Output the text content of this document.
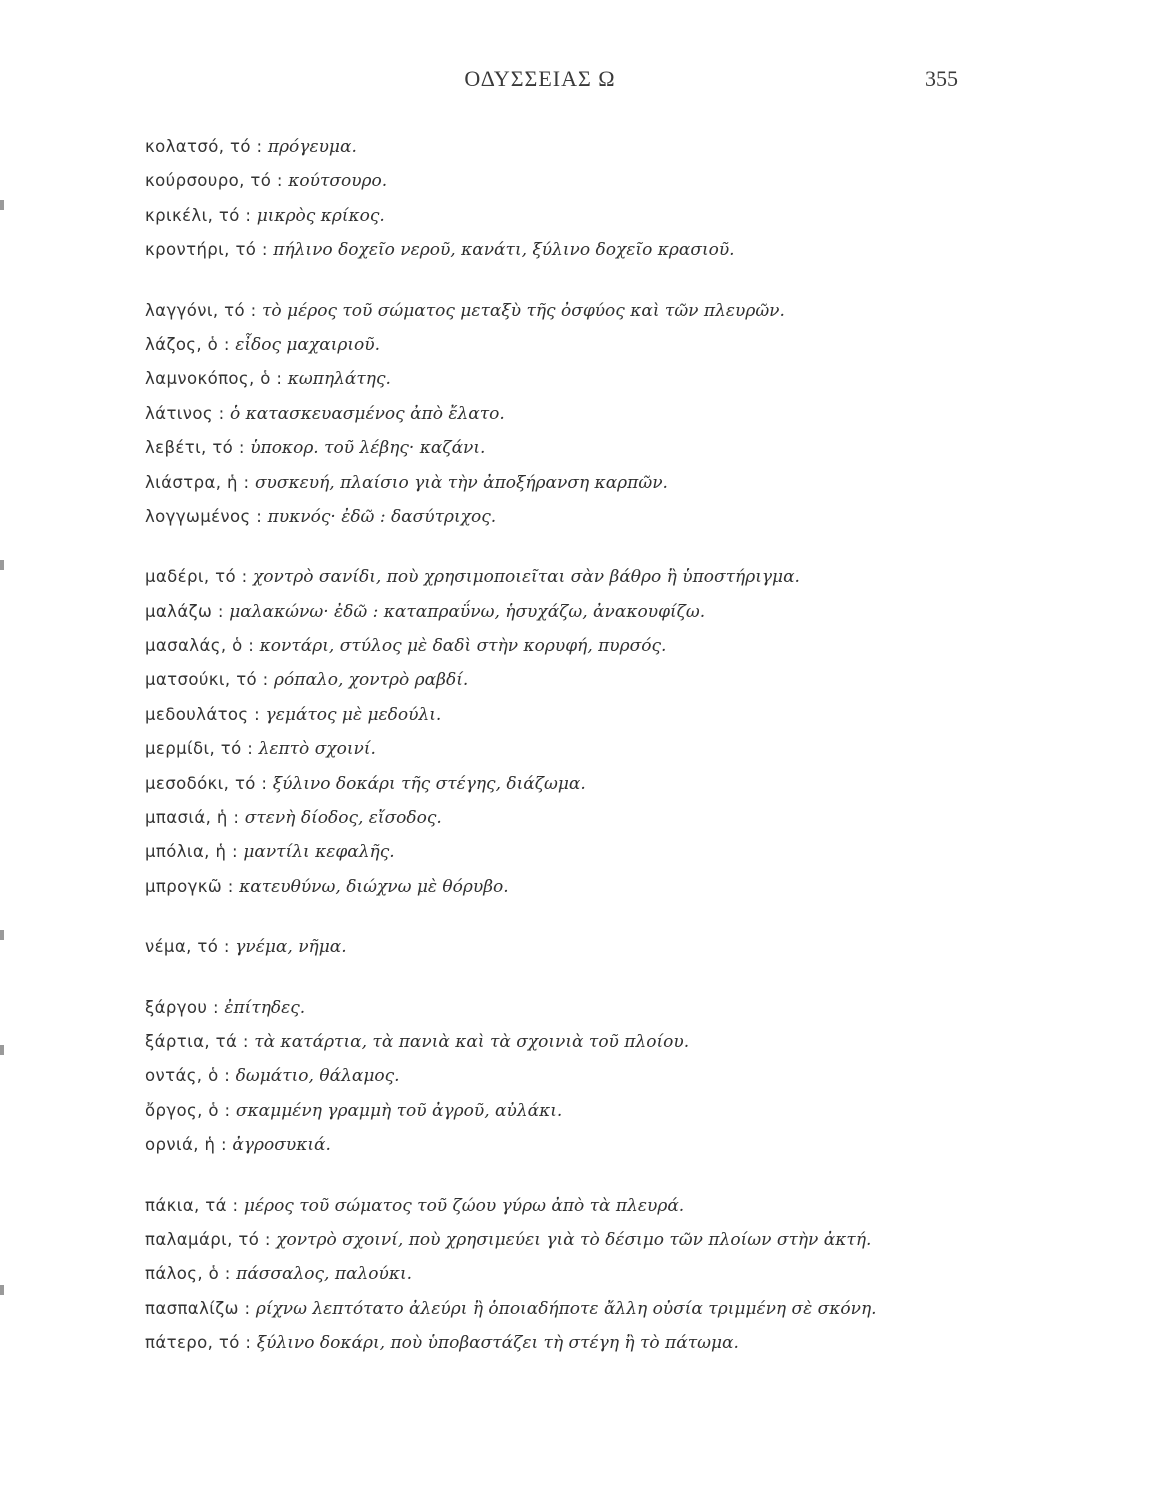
ΟΔΥΣΣΕΙΑΣ Ω	355
κολατσό, τό : πρόγευμα.
κούρσουρο, τό : κούτσουρο.
κρικέλι, τό : μικρὸς κρίκος.
κροντήρι, τό : πήλινο δοχεῖο νεροῦ, κανάτι, ξύλινο δοχεῖο κρασιοῦ.
λαγγόνι, τό : τὸ μέρος τοῦ σώματος μεταξὺ τῆς ὀσφύος καὶ τῶν πλευρῶν.
λάζος, ὁ : εἶδος μαχαιριοῦ.
λαμνοκόπος, ὁ : κωπηλάτης.
λάτινος : ὁ κατασκευασμένος ἀπὸ ἔλατο.
λεβέτι, τό : ὑποκορ. τοῦ λέβης· καζάνι.
λιάστρα, ἡ : συσκευή, πλαίσιο γιὰ τὴν ἀποξήρανση καρπῶν.
λογγωμένος : πυκνός· ἐδῶ : δασύτριχος.
μαδέρι, τό : χοντρὸ σανίδι, ποὺ χρησιμοποιεῖται σὰν βάθρο ἢ ὑποστήριγμα.
μαλάζω : μαλακώνω· ἐδῶ : καταπραΰνω, ἡσυχάζω, ἀνακουφίζω.
μασαλάς, ὁ : κοντάρι, στύλος μὲ δαδὶ στὴν κορυφή, πυρσός.
ματσούκι, τό : ρόπαλο, χοντρὸ ραβδί.
μεδουλάτος : γεμάτος μὲ μεδούλι.
μερμίδι, τό : λεπτὸ σχοινί.
μεσοδόκι, τό : ξύλινο δοκάρι τῆς στέγης, διάζωμα.
μπασιά, ἡ : στενὴ δίοδος, εἴσοδος.
μπόλια, ἡ : μαντίλι κεφαλῆς.
μπρογκῶ : κατευθύνω, διώχνω μὲ θόρυβο.
νέμα, τό : γνέμα, νῆμα.
ξάργου : ἐπίτηδες.
ξάρτια, τά : τὰ κατάρτια, τὰ πανιὰ καὶ τὰ σχοινιὰ τοῦ πλοίου.
οντάς, ὁ : δωμάτιο, θάλαμος.
ὄργος, ὁ : σκαμμένη γραμμὴ τοῦ ἀγροῦ, αὐλάκι.
ορνιά, ἡ : ἀγροσυκιά.
πάκια, τά : μέρος τοῦ σώματος τοῦ ζώου γύρω ἀπὸ τὰ πλευρά.
παλαμάρι, τό : χοντρὸ σχοινί, ποὺ χρησιμεύει γιὰ τὸ δέσιμο τῶν πλοίων στὴν ἀκτή.
πάλος, ὁ : πάσσαλος, παλούκι.
πασπαλίζω : ρίχνω λεπτότατο ἀλεύρι ἢ ὁποιαδήποτε ἄλλη οὐσία τριμμένη σὲ σκόνη.
πάτερο, τό : ξύλινο δοκάρι, ποὺ ὑποβαστάζει τὴ στέγη ἢ τὸ πάτωμα.
